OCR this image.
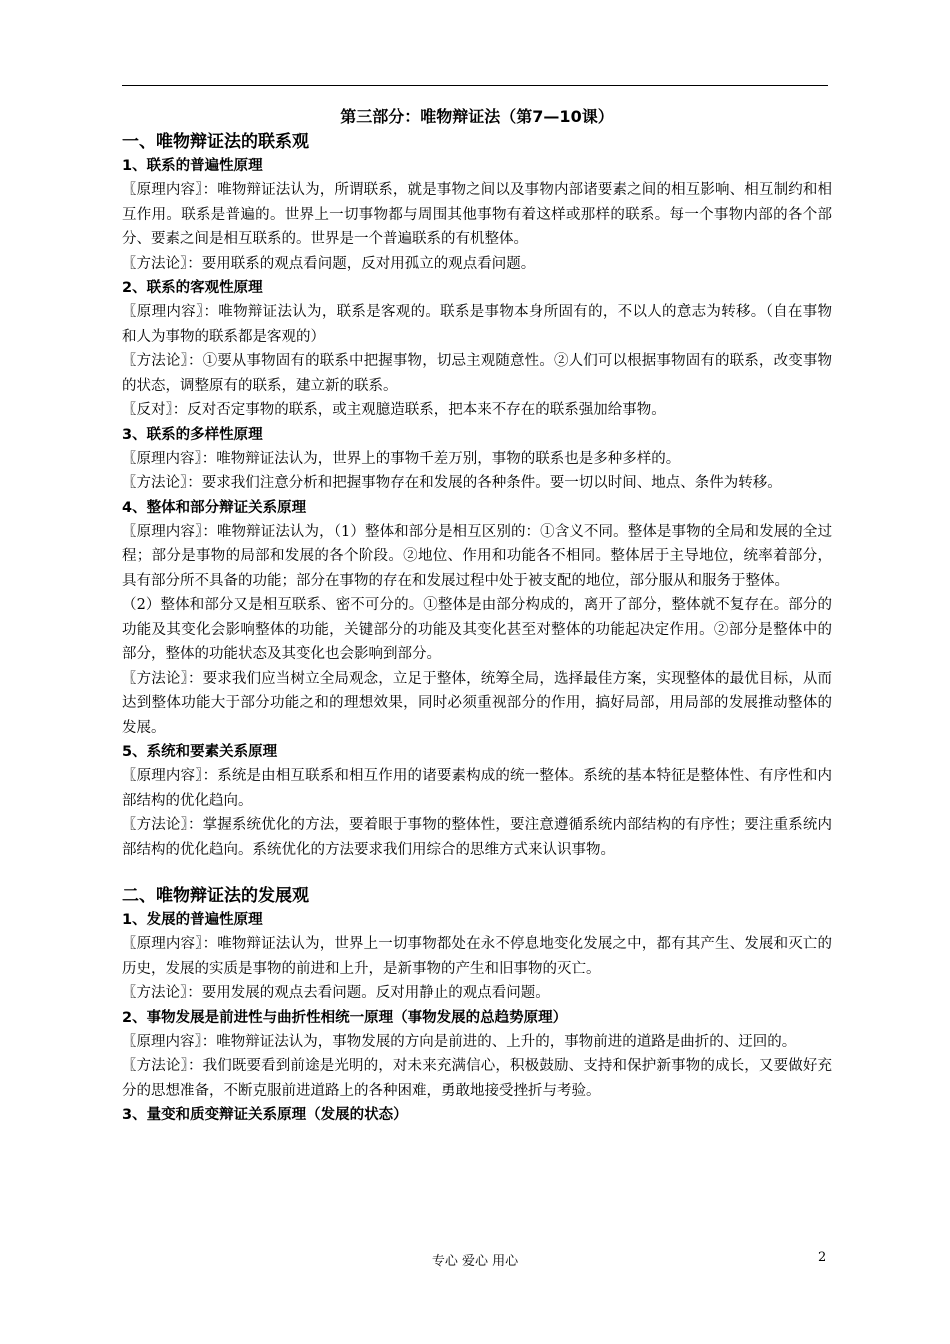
第三部分：唯物辩证法（第7—10课）
一、唯物辩证法的联系观
1、联系的普遍性原理
〖原理内容〗：唯物辩证法认为，所谓联系，就是事物之间以及事物内部诸要素之间的相互影响、相互制约和相互作用。联系是普遍的。世界上一切事物都与周围其他事物有着这样或那样的联系。每一个事物内部的各个部分、要素之间是相互联系的。世界是一个普遍联系的有机整体。
〖方法论〗：要用联系的观点看问题，反对用孤立的观点看问题。
2、联系的客观性原理
〖原理内容〗：唯物辩证法认为，联系是客观的。联系是事物本身所固有的，不以人的意志为转移。（自在事物和人为事物的联系都是客观的）
〖方法论〗：①要从事物固有的联系中把握事物，切忌主观随意性。②人们可以根据事物固有的联系，改变事物的状态，调整原有的联系，建立新的联系。
〖反对〗：反对否定事物的联系，或主观臆造联系，把本来不存在的联系强加给事物。
3、联系的多样性原理
〖原理内容〗：唯物辩证法认为，世界上的事物千差万别，事物的联系也是多种多样的。
〖方法论〗：要求我们注意分析和把握事物存在和发展的各种条件。要一切以时间、地点、条件为转移。
4、整体和部分辩证关系原理
〖原理内容〗：唯物辩证法认为，（1）整体和部分是相互区别的：①含义不同。整体是事物的全局和发展的全过程；部分是事物的局部和发展的各个阶段。②地位、作用和功能各不相同。整体居于主导地位，统率着部分，具有部分所不具备的功能；部分在事物的存在和发展过程中处于被支配的地位，部分服从和服务于整体。
（2）整体和部分又是相互联系、密不可分的。①整体是由部分构成的，离开了部分，整体就不复存在。部分的功能及其变化会影响整体的功能，关键部分的功能及其变化甚至对整体的功能起决定作用。②部分是整体中的部分，整体的功能状态及其变化也会影响到部分。
〖方法论〗：要求我们应当树立全局观念，立足于整体，统筹全局，选择最佳方案，实现整体的最优目标，从而达到整体功能大于部分功能之和的理想效果，同时必须重视部分的作用，搞好局部，用局部的发展推动整体的发展。
5、系统和要素关系原理
〖原理内容〗：系统是由相互联系和相互作用的诸要素构成的统一整体。系统的基本特征是整体性、有序性和内部结构的优化趋向。
〖方法论〗：掌握系统优化的方法，要着眼于事物的整体性，要注意遵循系统内部结构的有序性；要注重系统内部结构的优化趋向。系统优化的方法要求我们用综合的思维方式来认识事物。
二、唯物辩证法的发展观
1、发展的普遍性原理
〖原理内容〗：唯物辩证法认为，世界上一切事物都处在永不停息地变化发展之中，都有其产生、发展和灭亡的历史，发展的实质是事物的前进和上升，是新事物的产生和旧事物的灭亡。
〖方法论〗：要用发展的观点去看问题。反对用静止的观点看问题。
2、事物发展是前进性与曲折性相统一原理（事物发展的总趋势原理）
〖原理内容〗：唯物辩证法认为，事物发展的方向是前进的、上升的，事物前进的道路是曲折的、迂回的。
〖方法论〗：我们既要看到前途是光明的，对未来充满信心，积极鼓励、支持和保护新事物的成长，又要做好充分的思想准备，不断克服前进道路上的各种困难，勇敢地接受挫折与考验。
3、量变和质变辩证关系原理（发展的状态）
专心 爱心 用心	2
